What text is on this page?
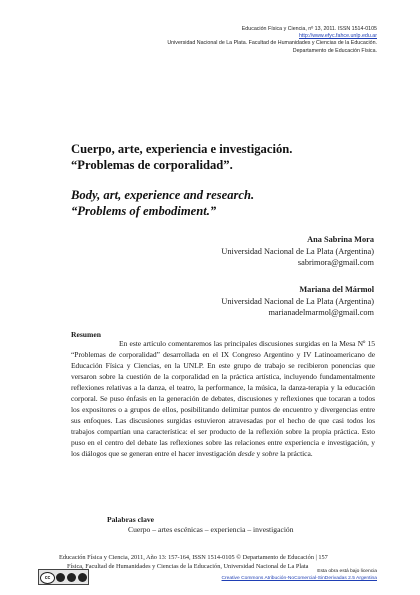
Educación Física y Ciencia, nº 13, 2011. ISSN 1514-0105
http://www.efyc.fahce.unlp.edu.ar
Universidad Nacional de La Plata. Facultad de Humanidades y Ciencias de la Educación.
Departamento de Educación Física.
Cuerpo, arte, experiencia e investigación.
“Problemas de corporalidad”.
Body, art, experience and research.
“Problems of embodiment.”
Ana Sabrina Mora
Universidad Nacional de La Plata (Argentina)
sabrimora@gmail.com
Mariana del Mármol
Universidad Nacional de La Plata (Argentina)
marianadelmarmol@gmail.com
Resumen

En este artículo comentaremos las principales discusiones surgidas en la Mesa Nº 15 “Problemas de corporalidad” desarrollada en el IX Congreso Argentino y IV Latinoamericano de Educación Física y Ciencias, en la UNLP. En este grupo de trabajo se recibieron ponencias que versaron sobre la cuestión de la corporalidad en la práctica artística, incluyendo fundamentalmente reflexiones relativas a la danza, el teatro, la performance, la música, la danza-terapia y la educación corporal. Se puso énfasis en la generación de debates, discusiones y reflexiones que tocaran a todos los expositores o a grupos de ellos, posibilitando delimitar puntos de encuentro y divergencias entre sus enfoques. Las discusiones surgidas estuvieron atravesadas por el hecho de que casi todos los trabajos compartían una característica: el ser producto de la reflexión sobre la propia práctica. Esto puso en el centro del debate las reflexiones sobre las relaciones entre experiencia e investigación, y los diálogos que se generan entre el hacer investigación desde y sobre la práctica.

Palabras clave
Cuerpo – artes escénicas – experiencia – investigación
Educación Física y Ciencia, 2011, Año 13: 157-164, ISSN 1514-0105 © Departamento de Educación | 157
Física, Facultad de Humanidades y Ciencias de la Educación, Universidad Nacional de La Plata
cc
Esta obra está bajo licencia
Creative Commons Atribución-NoComercial-SinDerivadas 2.5 Argentina
